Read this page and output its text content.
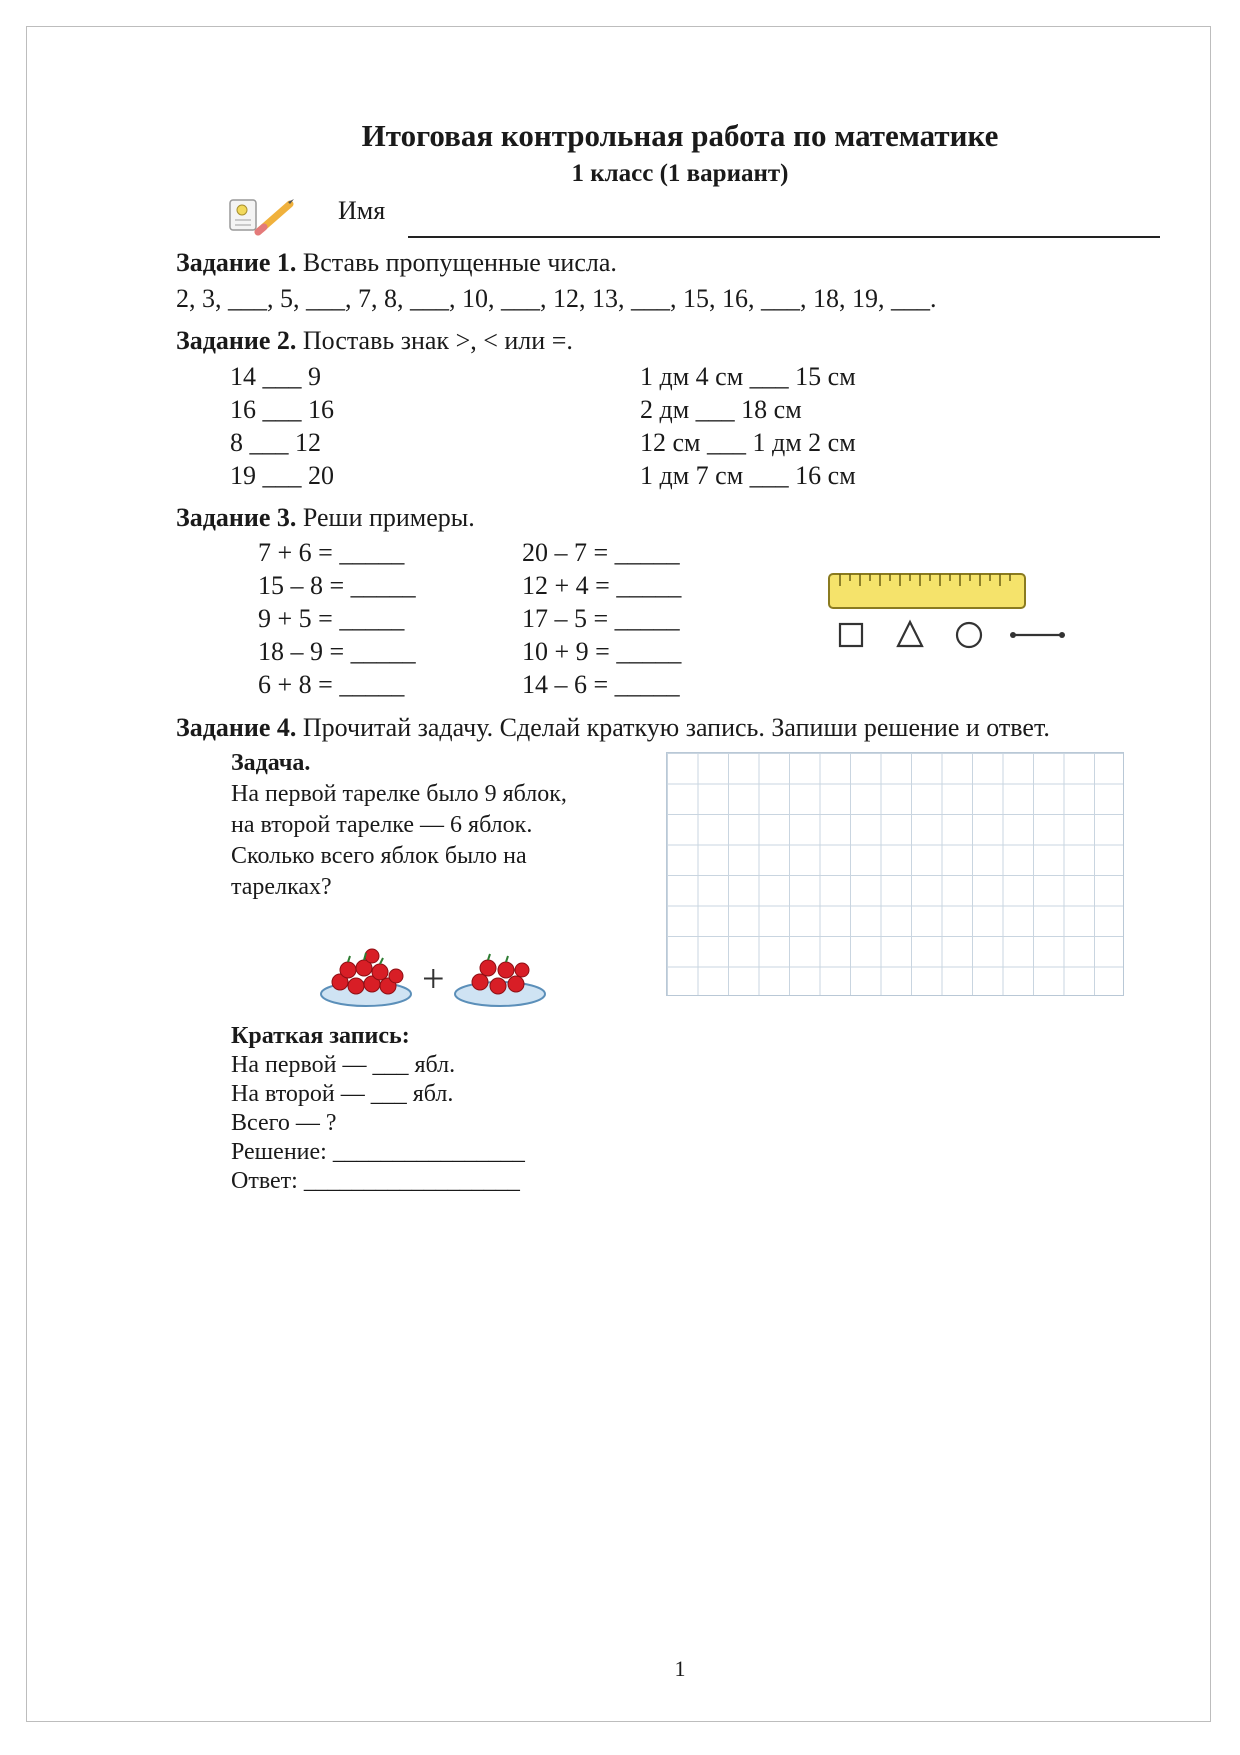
Итоговая контрольная работа по математике
1 класс (1 вариант)
Имя
Задание 1. Вставь пропущенные числа.
2, 3, ___, 5, ___, 7, 8, ___, 10, ___, 12, 13, ___, 15, 16, ___, 18, 19, ___.
Задание 2. Поставь знак >, < или =.
14 ___ 9
16 ___ 16
8 ___ 12
19 ___ 20
1 дм 4 см ___ 15 см
2 дм ___ 18 см
12 см ___ 1 дм 2 см
1 дм 7 см ___ 16 см
Задание 3. Реши примеры.
7 + 6 = _____
15 – 8 = _____
9 + 5 = _____
18 – 9 = _____
6 + 8 = _____
20 – 7 = _____
12 + 4 = _____
17 – 5 = _____
10 + 9 = _____
14 – 6 = _____
Задание 4. Прочитай задачу. Сделай краткую запись. Запиши решение и ответ.
Задача.
На первой тарелке было 9 яблок,
на второй тарелке — 6 яблок.
Сколько всего яблок было на
тарелках?
+
Краткая запись:
На первой — ___ ябл.
На второй — ___ ябл.
Всего — ?
Решение: ________________
Ответ: __________________
1
